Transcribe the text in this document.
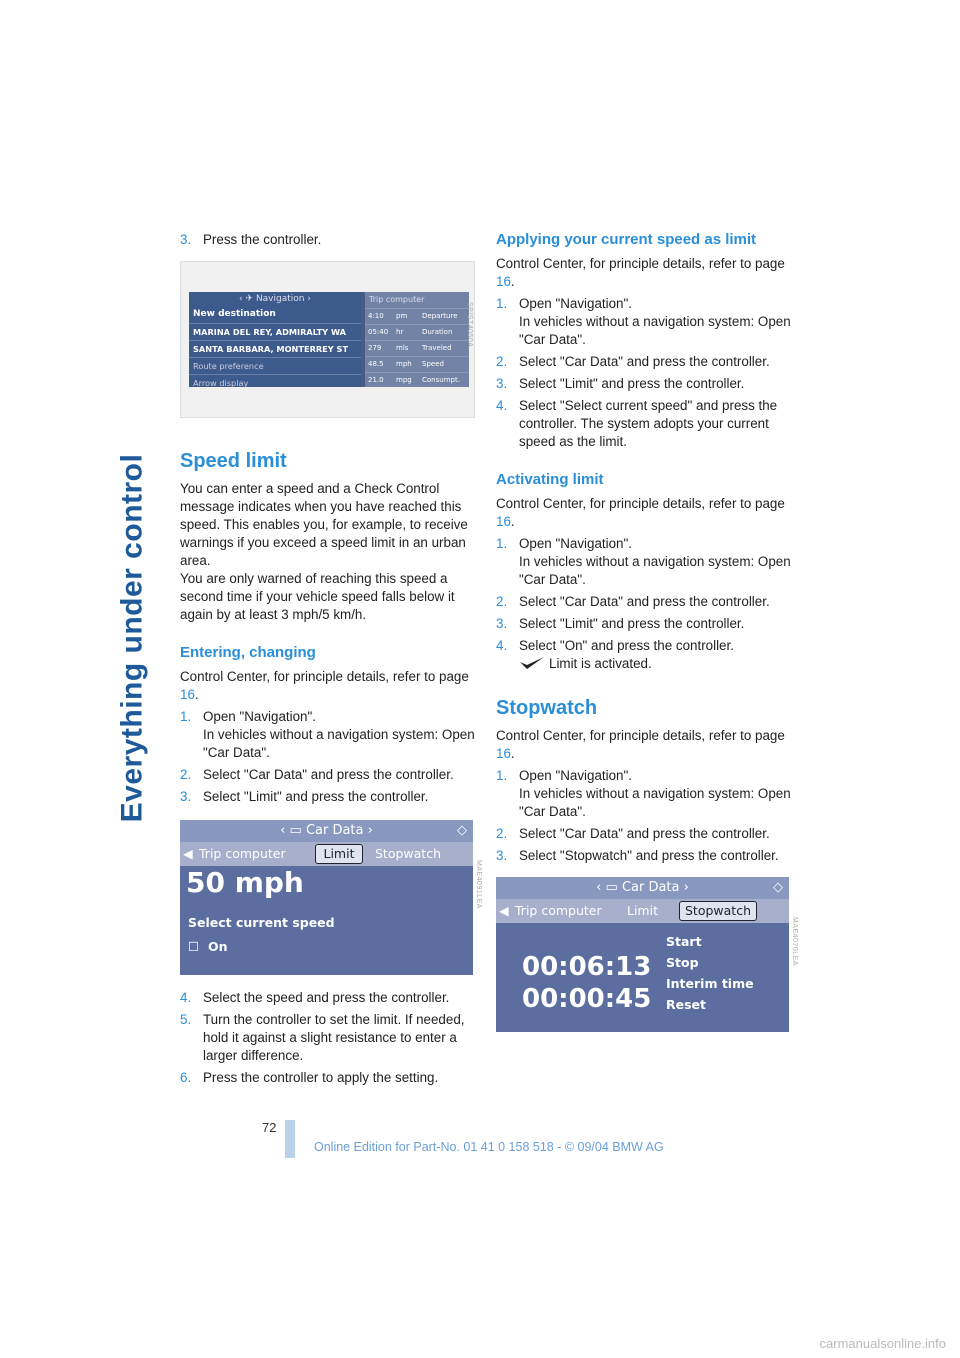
Everything under control
3. Press the controller.
‹ ✈ Navigation ›
New destination
MARINA DEL REY, ADMIRALTY WA
SANTA BARBARA, MONTERREY ST
Route preference
Arrow display
Trip computer
4:10	pm	Departure
05:40	hr	Duration
279	mls	Traveled
48.5	mph	Speed
21.0	mpg	Consumpt.
SP/ST4050A
Speed limit

You can enter a speed and a Check Control message indicates when you have reached this speed. This enables you, for example, to receive warnings if you exceed a speed limit in an urban area.

You are only warned of reaching this speed a second time if your vehicle speed falls below it again by at least 3 mph/5 km/h.

Entering, changing

Control Center, for principle details, refer to page 16.

1. Open "Navigation".
In vehicles without a navigation system: Open "Car Data".
2. Select "Car Data" and press the controller.
3. Select "Limit" and press the controller.
‹ ▭ Car Data ›	◇
◀ Trip computer	Limit	Stopwatch
50 mph
Select current speed
☐ On
MAE4091LEA
4. Select the speed and press the controller.
5. Turn the controller to set the limit. If needed, hold it against a slight resistance to enter a larger difference.
6. Press the controller to apply the setting.
Applying your current speed as limit

Control Center, for principle details, refer to page 16.

1. Open "Navigation".
In vehicles without a navigation system: Open "Car Data".
2. Select "Car Data" and press the controller.
3. Select "Limit" and press the controller.
4. Select "Select current speed" and press the controller. The system adopts your current speed as the limit.
Activating limit

Control Center, for principle details, refer to page 16.

1. Open "Navigation".
In vehicles without a navigation system: Open "Car Data".
2. Select "Car Data" and press the controller.
3. Select "Limit" and press the controller.
4. Select "On" and press the controller.
Limit is activated.
Stopwatch

Control Center, for principle details, refer to page 16.

1. Open "Navigation".
In vehicles without a navigation system: Open "Car Data".
2. Select "Car Data" and press the controller.
3. Select "Stopwatch" and press the controller.
‹ ▭ Car Data ›	◇
◀ Trip computer	Limit	Stopwatch
00:06:13
00:00:45
Start
Stop
Interim time
Reset
MAE4070LEA
72
Online Edition for Part-No. 01 41 0 158 518 - © 09/04 BMW AG
carmanualsonline.info
